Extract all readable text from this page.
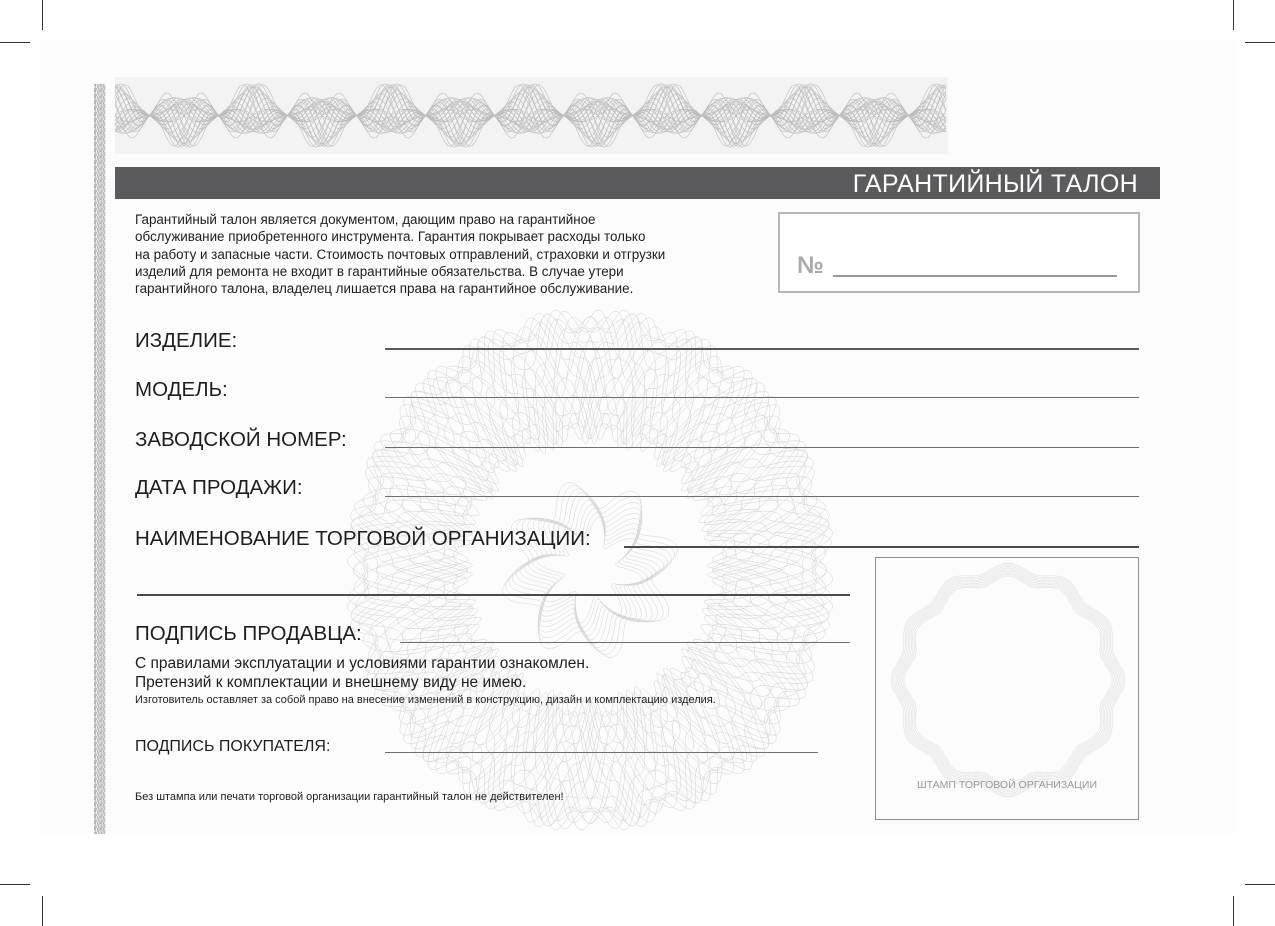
ГАРАНТИЙНЫЙ ТАЛОН
Гарантийный талон является документом, дающим право на гарантийное
обслуживание приобретенного инструмента. Гарантия покрывает расходы только
на работу и запасные части. Стоимость почтовых отправлений, страховки и отгрузки
изделий для ремонта не входит в гарантийные обязательства. В случае утери
гарантийного талона, владелец лишается права на гарантийное обслуживание.
№
ИЗДЕЛИЕ:
МОДЕЛЬ:
ЗАВОДСКОЙ НОМЕР:
ДАТА ПРОДАЖИ:
НАИМЕНОВАНИЕ ТОРГОВОЙ ОРГАНИЗАЦИИ:
ПОДПИСЬ ПРОДАВЦА:
С правилами эксплуатации и условиями гарантии ознакомлен.
Претензий к комплектации и внешнему виду не имею.
Изготовитель оставляет за собой право на внесение изменений в конструкцию, дизайн и комплектацию изделия.
ПОДПИСЬ ПОКУПАТЕЛЯ:
Без штампа или печати торговой организации гарантийный талон не действителен!
ШТАМП ТОРГОВОЙ ОРГАНИЗАЦИИ
